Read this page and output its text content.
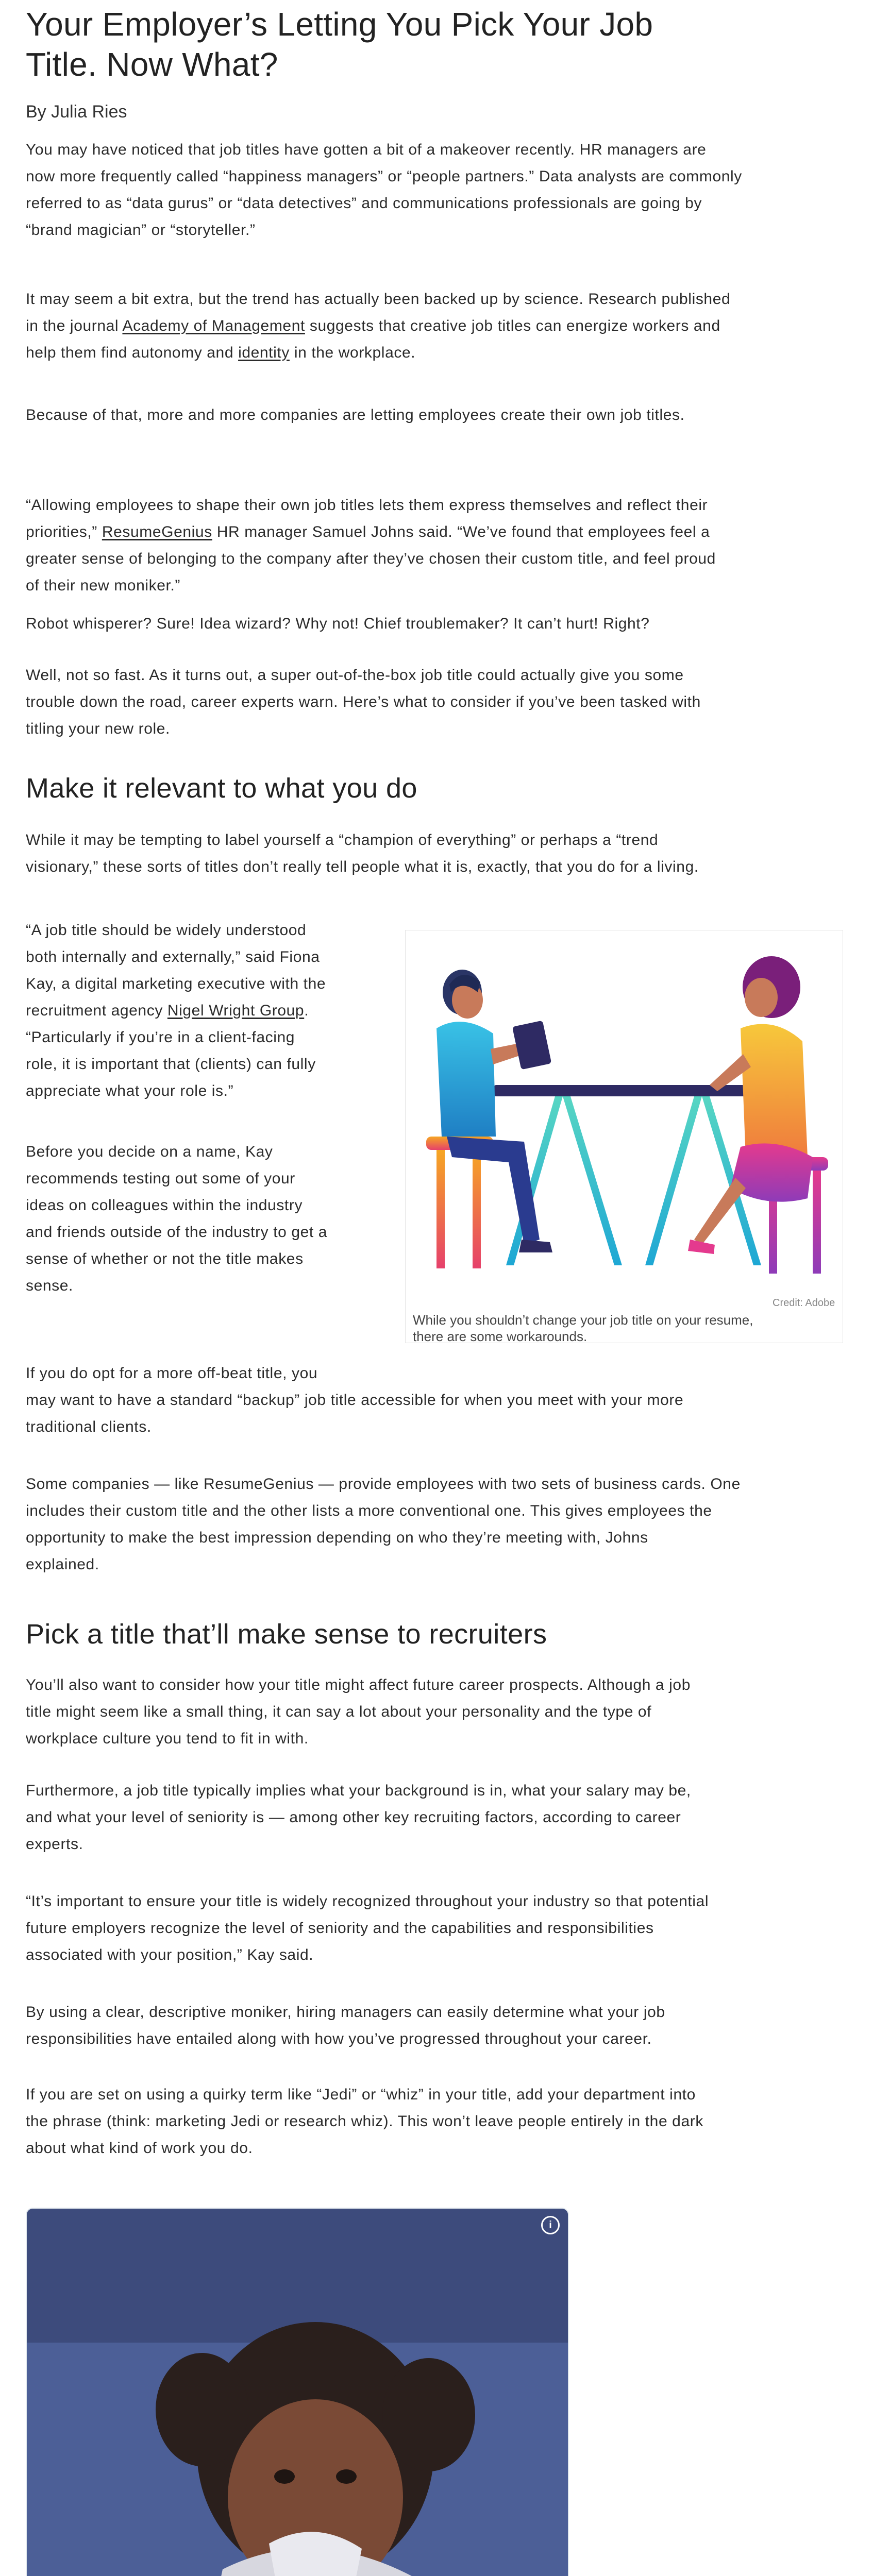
Your Employer’s Letting You Pick Your Job
Title. Now What?
By Julia Ries

You may have noticed that job titles have gotten a bit of a makeover recently. HR managers are

now more frequently called “happiness managers” or “people partners.” Data analysts are commonly

referred to as “data gurus” or “data detectives” and communications professionals are going by

“brand magician” or “storyteller.”

It may seem a bit extra, but the trend has actually been backed up by science. Research published

in the journal Academy of Management suggests that creative job titles can energize workers and

help them find autonomy and identity in the workplace.

Because of that, more and more companies are letting employees create their own job titles.

“Allowing employees to shape their own job titles lets them express themselves and reflect their

priorities,” ResumeGenius HR manager Samuel Johns said. “We’ve found that employees feel a

greater sense of belonging to the company after they’ve chosen their custom title, and feel proud

of their new moniker.”

Robot whisperer? Sure! Idea wizard? Why not! Chief troublemaker? It can’t hurt! Right?

Well, not so fast. As it turns out, a super out-of-the-box job title could actually give you some

trouble down the road, career experts warn. Here’s what to consider if you’ve been tasked with

titling your new role.

Make it relevant to what you do

While it may be tempting to label yourself a “champion of everything” or perhaps a “trend

visionary,” these sorts of titles don’t really tell people what it is, exactly, that you do for a living.

“A job title should be widely understood

both internally and externally,” said Fiona

Kay, a digital marketing executive with the

recruitment agency Nigel Wright Group.

“Particularly if you’re in a client-facing

role, it is important that (clients) can fully

appreciate what your role is.”

Before you decide on a name, Kay

recommends testing out some of your

ideas on colleagues within the industry

and friends outside of the industry to get a

sense of whether or not the title makes

sense.

Credit: Adobe
While you shouldn’t change your job title on your resume,
there are some workarounds.

If you do opt for a more off-beat title, you

may want to have a standard “backup” job title accessible for when you meet with your more

traditional clients.

Some companies — like ResumeGenius — provide employees with two sets of business cards. One

includes their custom title and the other lists a more conventional one. This gives employees the

opportunity to make the best impression depending on who they’re meeting with, Johns

explained.

Pick a title that’ll make sense to recruiters

You’ll also want to consider how your title might affect future career prospects. Although a job

title might seem like a small thing, it can say a lot about your personality and the type of

workplace culture you tend to fit in with.

Furthermore, a job title typically implies what your background is in, what your salary may be,

and what your level of seniority is — among other key recruiting factors, according to career

experts.

“It’s important to ensure your title is widely recognized throughout your industry so that potential

future employers recognize the level of seniority and the capabilities and responsibilities

associated with your position,” Kay said.

By using a clear, descriptive moniker, hiring managers can easily determine what your job

responsibilities have entailed along with how you’ve progressed throughout your career.

If you are set on using a quirky term like “Jedi” or “whiz” in your title, add your department into

the phrase (think: marketing Jedi or research whiz). This won’t leave people entirely in the dark

about what kind of work you do.

i
